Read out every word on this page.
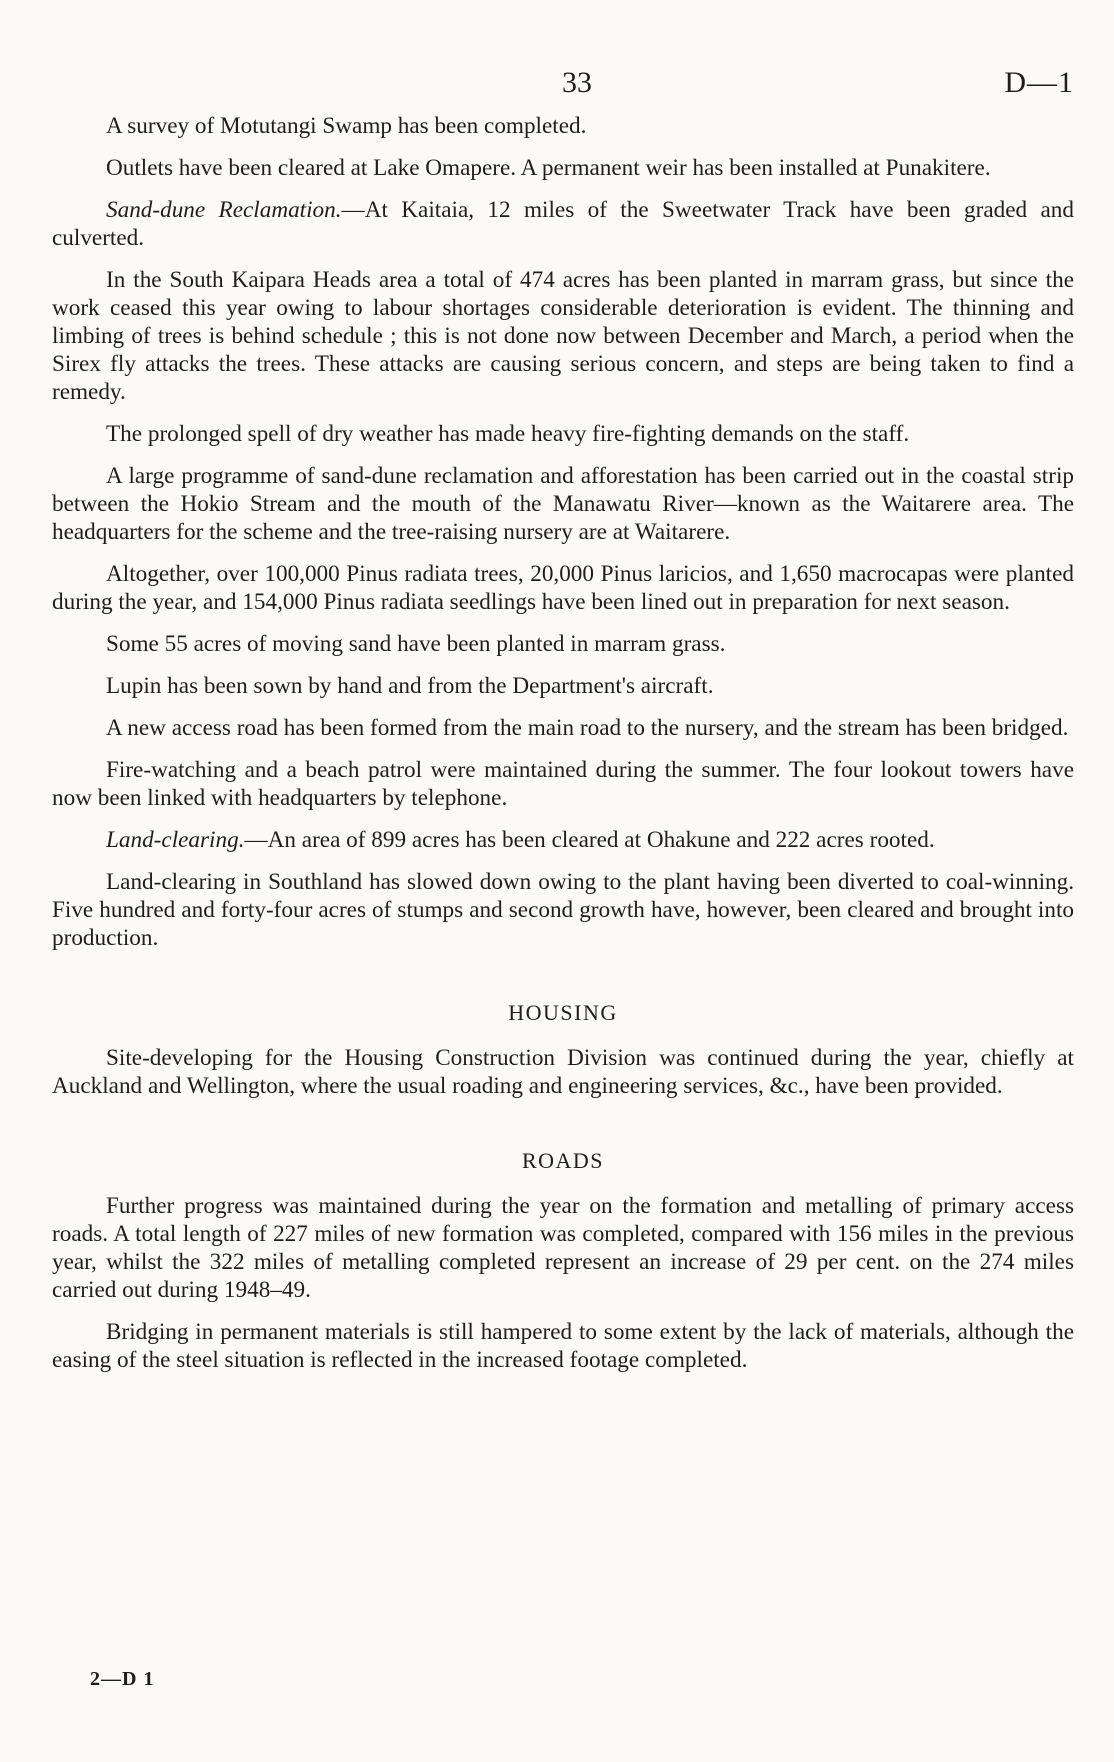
33	D—1

A survey of Motutangi Swamp has been completed.

Outlets have been cleared at Lake Omapere. A permanent weir has been installed at Punakitere.

Sand-dune Reclamation.—At Kaitaia, 12 miles of the Sweetwater Track have been graded and culverted.

In the South Kaipara Heads area a total of 474 acres has been planted in marram grass, but since the work ceased this year owing to labour shortages considerable deterioration is evident. The thinning and limbing of trees is behind schedule ; this is not done now between December and March, a period when the Sirex fly attacks the trees. These attacks are causing serious concern, and steps are being taken to find a remedy.

The prolonged spell of dry weather has made heavy fire-fighting demands on the staff.

A large programme of sand-dune reclamation and afforestation has been carried out in the coastal strip between the Hokio Stream and the mouth of the Manawatu River—known as the Waitarere area. The headquarters for the scheme and the tree-raising nursery are at Waitarere.

Altogether, over 100,000 Pinus radiata trees, 20,000 Pinus laricios, and 1,650 macrocapas were planted during the year, and 154,000 Pinus radiata seedlings have been lined out in preparation for next season.

Some 55 acres of moving sand have been planted in marram grass.

Lupin has been sown by hand and from the Department's aircraft.

A new access road has been formed from the main road to the nursery, and the stream has been bridged.

Fire-watching and a beach patrol were maintained during the summer. The four lookout towers have now been linked with headquarters by telephone.

Land-clearing.—An area of 899 acres has been cleared at Ohakune and 222 acres rooted.

Land-clearing in Southland has slowed down owing to the plant having been diverted to coal-winning. Five hundred and forty-four acres of stumps and second growth have, however, been cleared and brought into production.

HOUSING

Site-developing for the Housing Construction Division was continued during the year, chiefly at Auckland and Wellington, where the usual roading and engineering services, &c., have been provided.

ROADS

Further progress was maintained during the year on the formation and metalling of primary access roads. A total length of 227 miles of new formation was completed, compared with 156 miles in the previous year, whilst the 322 miles of metalling completed represent an increase of 29 per cent. on the 274 miles carried out during 1948–49.

Bridging in permanent materials is still hampered to some extent by the lack of materials, although the easing of the steel situation is reflected in the increased footage completed.

2—D 1
